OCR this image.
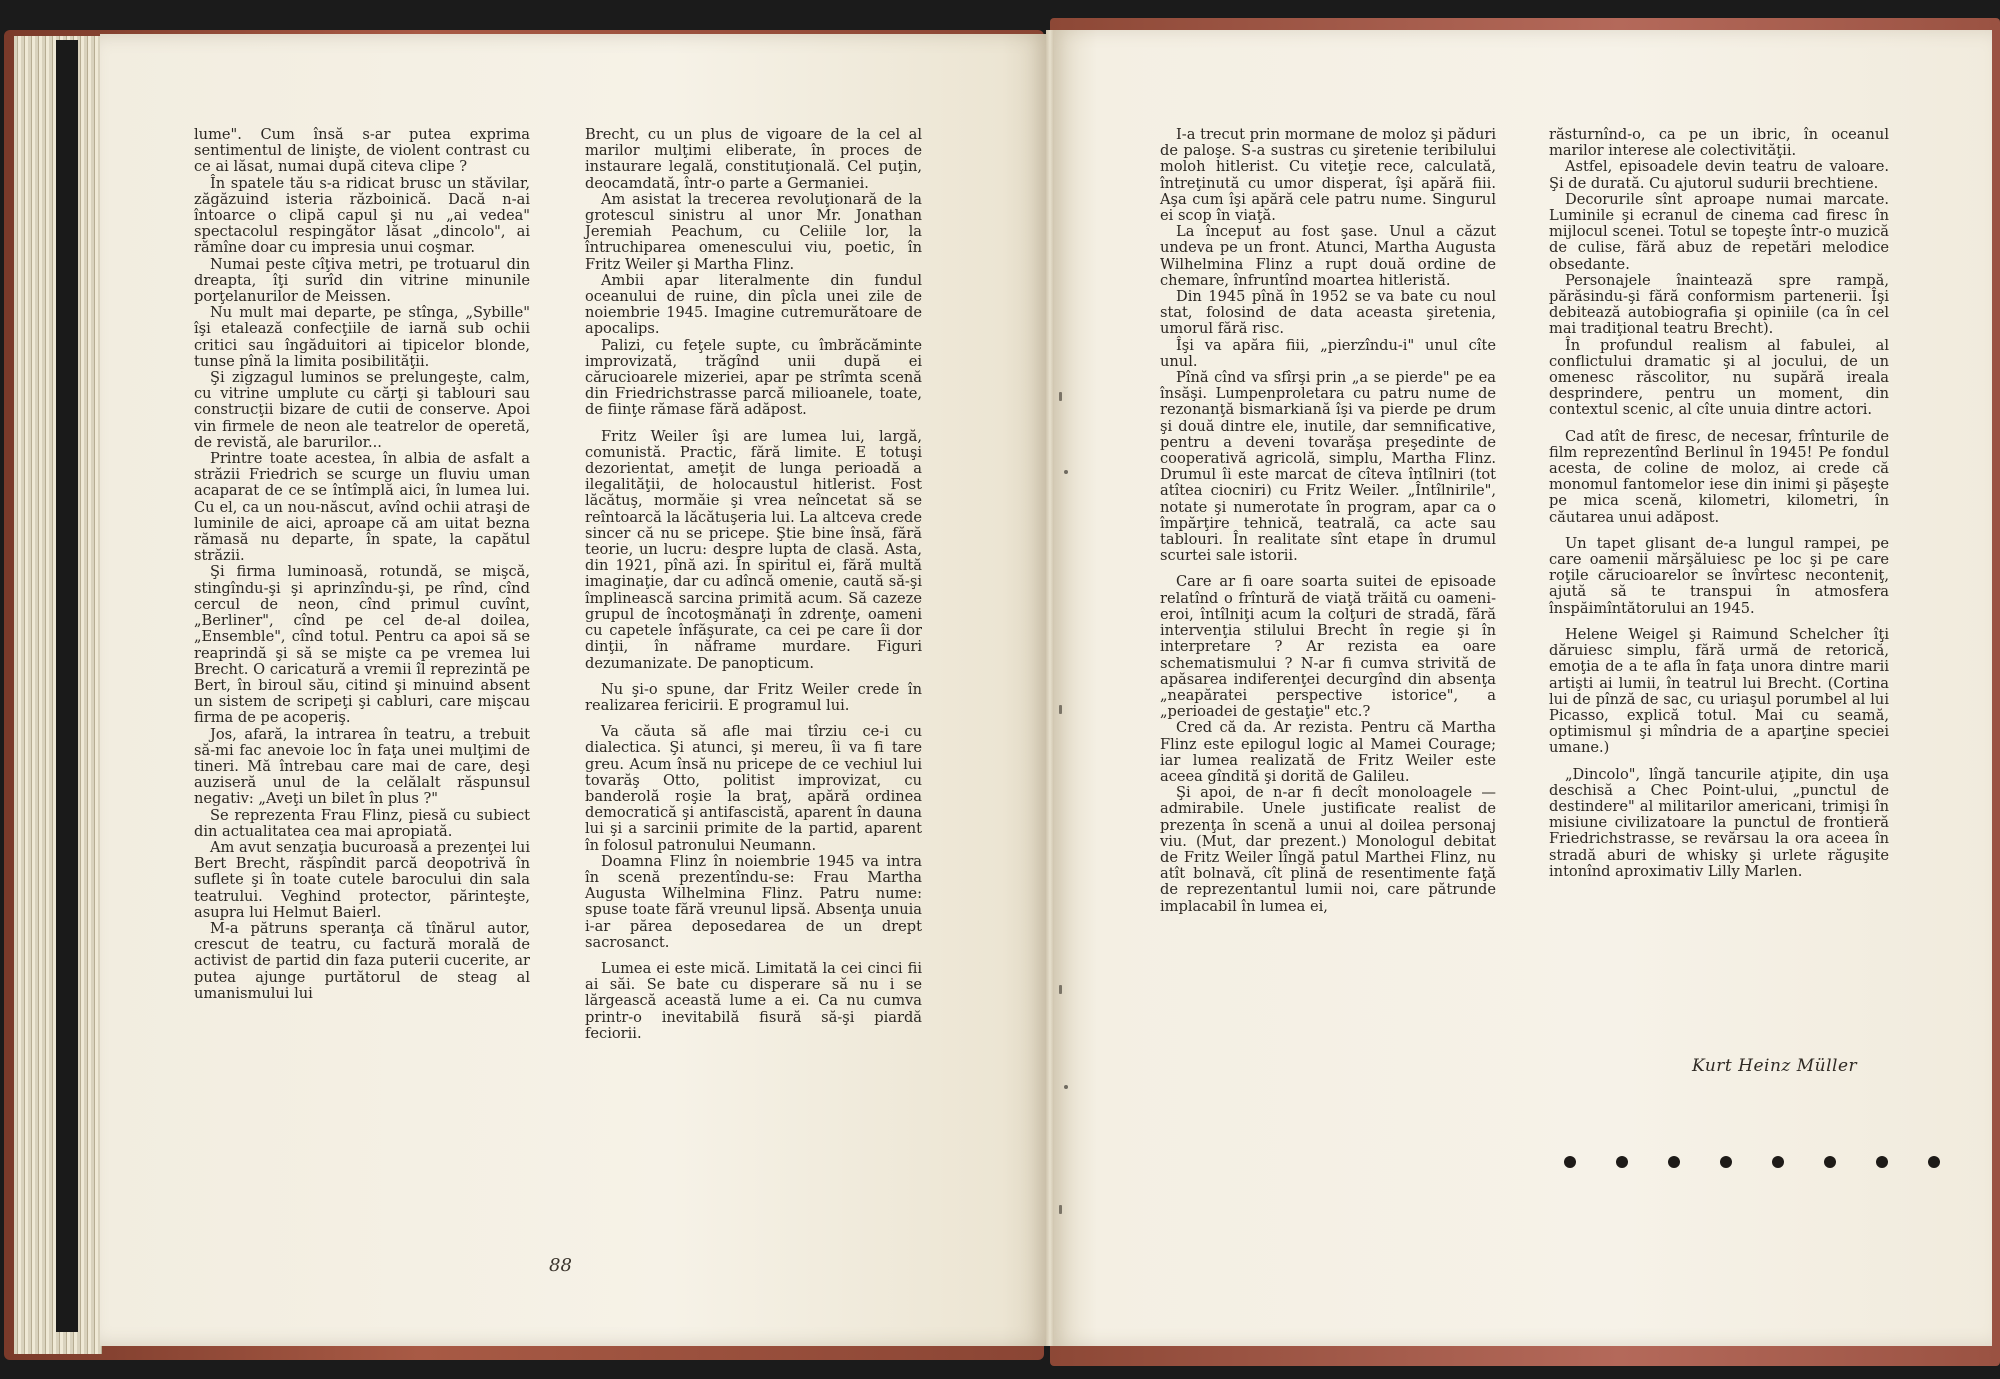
lume". Cum însă s-ar putea exprima sentimentul de linişte, de violent contrast cu ce ai lăsat, numai după citeva clipe ?

În spatele tău s-a ridicat brusc un stăvilar, zăgăzuind isteria războinică. Dacă n-ai întoarce o clipă capul şi nu „ai vedea" spectacolul respingător lăsat „dincolo", ai rămîne doar cu impresia unui coşmar.

Numai peste cîţiva metri, pe trotuarul din dreapta, îţi surîd din vitrine minunile porţelanurilor de Meissen.

Nu mult mai departe, pe stînga, „Sybille" îşi etalează confecţiile de iarnă sub ochii critici sau îngăduitori ai tipicelor blonde, tunse pînă la limita posibilităţii.

Şi zigzagul luminos se prelungeşte, calm, cu vitrine umplute cu cărţi şi tablouri sau construcţii bizare de cutii de conserve. Apoi vin firmele de neon ale teatrelor de operetă, de revistă, ale barurilor...

Printre toate acestea, în albia de asfalt a străzii Friedrich se scurge un fluviu uman acaparat de ce se întîmplă aici, în lumea lui. Cu el, ca un nou-născut, avînd ochii atraşi de luminile de aici, aproape că am uitat bezna rămasă nu departe, în spate, la capătul străzii.

Şi firma luminoasă, rotundă, se mişcă, stingîndu-şi şi aprinzîndu-şi, pe rînd, cînd cercul de neon, cînd primul cuvînt, „Berliner", cînd pe cel de-al doilea, „Ensemble", cînd totul. Pentru ca apoi să se reaprindă şi să se mişte ca pe vremea lui Brecht. O caricatură a vremii îl reprezintă pe Bert, în biroul său, citind şi minuind absent un sistem de scripeţi şi cabluri, care mişcau firma de pe acoperiş.

Jos, afară, la intrarea în teatru, a trebuit să-mi fac anevoie loc în faţa unei mulţimi de tineri. Mă întrebau care mai de care, deşi auziseră unul de la celălalt răspunsul negativ: „Aveţi un bilet în plus ?"

Se reprezenta Frau Flinz, piesă cu subiect din actualitatea cea mai apropiată.

Am avut senzaţia bucuroasă a prezenţei lui Bert Brecht, răspîndit parcă deopotrivă în suflete şi în toate cutele barocului din sala teatrului. Veghind protector, părinteşte, asupra lui Helmut Baierl.

M-a pătruns speranţa că tînărul autor, crescut de teatru, cu factură morală de activist de partid din faza puterii cucerite, ar putea ajunge purtătorul de steag al umanismului lui

Brecht, cu un plus de vigoare de la cel al marilor mulţimi eliberate, în proces de instaurare legală, constituţională. Cel puţin, deocamdată, într-o parte a Germaniei.

Am asistat la trecerea revoluţionară de la grotescul sinistru al unor Mr. Jonathan Jeremiah Peachum, cu Celiile lor, la întruchiparea omenescului viu, poetic, în Fritz Weiler şi Martha Flinz.

Ambii apar literalmente din fundul oceanului de ruine, din pîcla unei zile de noiembrie 1945. Imagine cutremurătoare de apocalips.

Palizi, cu feţele supte, cu îmbrăcăminte improvizată, trăgînd unii după ei cărucioarele mizeriei, apar pe strîmta scenă din Friedrichstrasse parcă milioanele, toate, de fiinţe rămase fără adăpost.

Fritz Weiler îşi are lumea lui, largă, comunistă. Practic, fără limite. E totuşi dezorientat, ameţit de lunga perioadă a ilegalităţii, de holocaustul hitlerist. Fost lăcătuş, mormăie şi vrea neîncetat să se reîntoarcă la lăcătuşeria lui. La altceva crede sincer că nu se pricepe. Ştie bine însă, fără teorie, un lucru: despre lupta de clasă. Asta, din 1921, pînă azi. În spiritul ei, fără multă imaginaţie, dar cu adîncă omenie, caută să-şi împlinească sarcina primită acum. Să cazeze grupul de încotoşmănaţi în zdrenţe, oameni cu capetele înfăşurate, ca cei pe care îi dor dinţii, în năframe murdare. Figuri dezumanizate. De panopticum.

Nu şi-o spune, dar Fritz Weiler crede în realizarea fericirii. E programul lui.

Va căuta să afle mai tîrziu ce-i cu dialectica. Şi atunci, şi mereu, îi va fi tare greu. Acum însă nu pricepe de ce vechiul lui tovarăş Otto, politist improvizat, cu banderolă roşie la braţ, apără ordinea democratică şi antifascistă, aparent în dauna lui şi a sarcinii primite de la partid, aparent în folosul patronului Neumann.

Doamna Flinz în noiembrie 1945 va intra în scenă prezentîndu-se: Frau Martha Augusta Wilhelmina Flinz. Patru nume: spuse toate fără vreunul lipsă. Absenţa unuia i-ar părea deposedarea de un drept sacrosanct.

Lumea ei este mică. Limitată la cei cinci fii ai săi. Se bate cu disperare să nu i se lărgească această lume a ei. Ca nu cumva printr-o inevitabilă fisură să-şi piardă feciorii.

I-a trecut prin mormane de moloz şi păduri de paloşe. S-a sustras cu şiretenie teribilului moloh hitlerist. Cu viteţie rece, calculată, întreţinută cu umor disperat, îşi apără fiii. Aşa cum îşi apără cele patru nume. Singurul ei scop în viaţă.

La început au fost şase. Unul a căzut undeva pe un front. Atunci, Martha Augusta Wilhelmina Flinz a rupt două ordine de chemare, înfruntînd moartea hitleristă.

Din 1945 pînă în 1952 se va bate cu noul stat, folosind de data aceasta şiretenia, umorul fără risc.

Îşi va apăra fiii, „pierzîndu-i" unul cîte unul.

Pînă cînd va sfîrşi prin „a se pierde" pe ea însăşi. Lumpenproletara cu patru nume de rezonanţă bismarkiană îşi va pierde pe drum şi două dintre ele, inutile, dar semnificative, pentru a deveni tovarăşa preşedinte de cooperativă agricolă, simplu, Martha Flinz. Drumul îi este marcat de cîteva întîlniri (tot atîtea ciocniri) cu Fritz Weiler. „Întîlnirile", notate şi numerotate în program, apar ca o împărţire tehnică, teatrală, ca acte sau tablouri. În realitate sînt etape în drumul scurtei sale istorii.

Care ar fi oare soarta suitei de episoade relatînd o frîntură de viaţă trăită cu oameni-eroi, întîlniţi acum la colţuri de stradă, fără intervenţia stilului Brecht în regie şi în interpretare ? Ar rezista ea oare schematismului ? N-ar fi cumva strivită de apăsarea indiferenţei decurgînd din absenţa „neapăratei perspective istorice", a „perioadei de gestaţie" etc.?

Cred că da. Ar rezista. Pentru că Martha Flinz este epilogul logic al Mamei Courage; iar lumea realizată de Fritz Weiler este aceea gîndită şi dorită de Galileu.

Şi apoi, de n-ar fi decît monoloagele — admirabile. Unele justificate realist de prezenţa în scenă a unui al doilea personaj viu. (Mut, dar prezent.) Monologul debitat de Fritz Weiler lîngă patul Marthei Flinz, nu atît bolnavă, cît plină de resentimente faţă de reprezentantul lumii noi, care pătrunde implacabil în lumea ei,

răsturnînd-o, ca pe un ibric, în oceanul marilor interese ale colectivităţii.

Astfel, episoadele devin teatru de valoare. Şi de durată. Cu ajutorul sudurii brechtiene.

Decorurile sînt aproape numai marcate. Luminile şi ecranul de cinema cad firesc în mijlocul scenei. Totul se topeşte într-o muzică de culise, fără abuz de repetări melodice obsedante.

Personajele înaintează spre rampă, părăsindu-şi fără conformism partenerii. Îşi debitează autobiografia şi opiniile (ca în cel mai tradiţional teatru Brecht).

În profundul realism al fabulei, al conflictului dramatic şi al jocului, de un omenesc răscolitor, nu supără ireala desprindere, pentru un moment, din contextul scenic, al cîte unuia dintre actori.

Cad atît de firesc, de necesar, frînturile de film reprezentînd Berlinul în 1945! Pe fondul acesta, de coline de moloz, ai crede că monomul fantomelor iese din inimi şi păşeşte pe mica scenă, kilometri, kilometri, în căutarea unui adăpost.

Un tapet glisant de-a lungul rampei, pe care oamenii mărşăluiesc pe loc şi pe care roţile cărucioarelor se învîrtesc neconteniţ, ajută să te transpui în atmosfera înspăimîntătorului an 1945.

Helene Weigel şi Raimund Schelcher îţi dăruiesc simplu, fără urmă de retorică, emoţia de a te afla în faţa unora dintre marii artişti ai lumii, în teatrul lui Brecht. (Cortina lui de pînză de sac, cu uriaşul porumbel al lui Picasso, explică totul. Mai cu seamă, optimismul şi mîndria de a aparţine speciei umane.)

„Dincolo", lîngă tancurile aţipite, din uşa deschisă a Chec Point-ului, „punctul de destindere" al militarilor americani, trimişi în misiune civilizatoare la punctul de frontieră Friedrichstrasse, se revărsau la ora aceea în stradă aburi de whisky şi urlete răguşite intonînd aproximativ Lilly Marlen.

88
Kurt Heinz Müller
